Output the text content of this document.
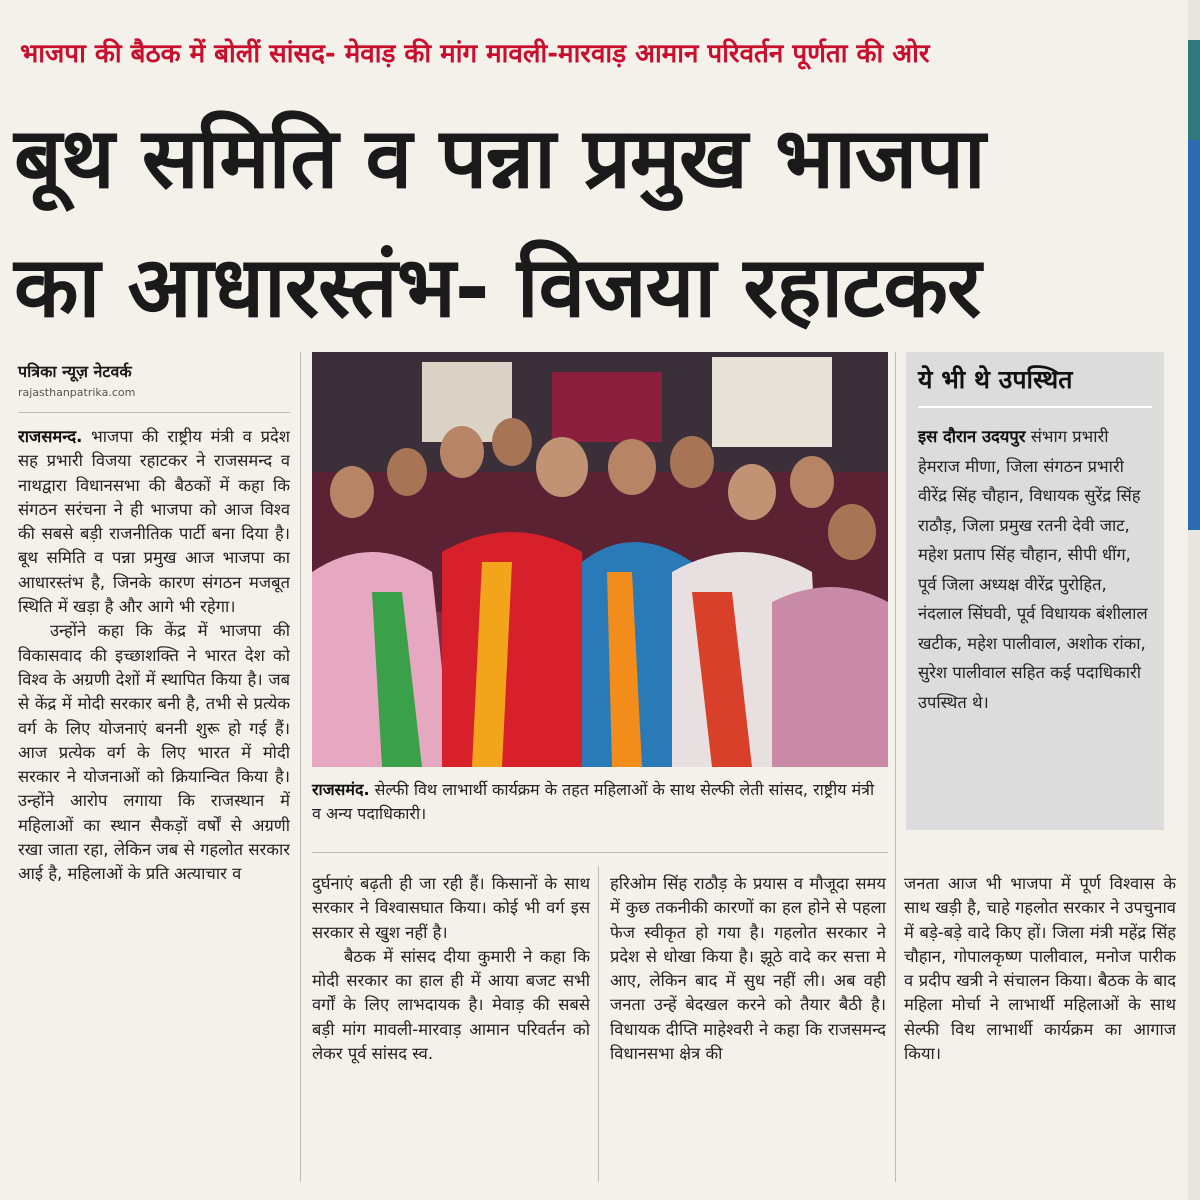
भाजपा की बैठक में बोलीं सांसद- मेवाड़ की मांग मावली-मारवाड़ आमान परिवर्तन पूर्णता की ओर
बूथ समिति व पन्ना प्रमुख भाजपा
का आधारस्तंभ- विजया रहाटकर
पत्रिका न्यूज़ नेटवर्क
rajasthanpatrika.com

राजसमन्द. भाजपा की राष्ट्रीय मंत्री व प्रदेश सह प्रभारी विजया रहाटकर ने राजसमन्द व नाथद्वारा विधानसभा की बैठकों में कहा कि संगठन सरंचना ने ही भाजपा को आज विश्व की सबसे बड़ी राजनीतिक पार्टी बना दिया है। बूथ समिति व पन्ना प्रमुख आज भाजपा का आधारस्तंभ है, जिनके कारण संगठन मजबूत स्थिति में खड़ा है और आगे भी रहेगा।

उन्होंने कहा कि केंद्र में भाजपा की विकासवाद की इच्छाशक्ति ने भारत देश को विश्व के अग्रणी देशों में स्थापित किया है। जब से केंद्र में मोदी सरकार बनी है, तभी से प्रत्येक वर्ग के लिए योजनाएं बननी शुरू हो गई हैं। आज प्रत्येक वर्ग के लिए भारत में मोदी सरकार ने योजनाओं को क्रियान्वित किया है। उन्होंने आरोप लगाया कि राजस्थान में महिलाओं का स्थान सैकड़ों वर्षों से अग्रणी रखा जाता रहा, लेकिन जब से गहलोत सरकार आई है, महिलाओं के प्रति अत्याचार व

राजसमंद. सेल्फी विथ लाभार्थी कार्यक्रम के तहत महिलाओं के साथ सेल्फी लेती सांसद, राष्ट्रीय मंत्री व अन्य पदाधिकारी।
ये भी थे उपस्थित
इस दौरान उदयपुर संभाग प्रभारी हेमराज मीणा, जिला संगठन प्रभारी वीरेंद्र सिंह चौहान, विधायक सुरेंद्र सिंह राठौड़, जिला प्रमुख रतनी देवी जाट, महेश प्रताप सिंह चौहान, सीपी धींग, पूर्व जिला अध्यक्ष वीरेंद्र पुरोहित, नंदलाल सिंघवी, पूर्व विधायक बंशीलाल खटीक, महेश पालीवाल, अशोक रांका, सुरेश पालीवाल सहित कई पदाधिकारी उपस्थित थे।

दुर्घनाएं बढ़ती ही जा रही हैं। किसानों के साथ सरकार ने विश्वासघात किया। कोई भी वर्ग इस सरकार से खुश नहीं है।

बैठक में सांसद दीया कुमारी ने कहा कि मोदी सरकार का हाल ही में आया बजट सभी वर्गों के लिए लाभदायक है। मेवाड़ की सबसे बड़ी मांग मावली-मारवाड़ आमान परिवर्तन को लेकर पूर्व सांसद स्व.

हरिओम सिंह राठौड़ के प्रयास व मौजूदा समय में कुछ तकनीकी कारणों का हल होने से पहला फेज स्वीकृत हो गया है। गहलोत सरकार ने प्रदेश से धोखा किया है। झूठे वादे कर सत्ता मे आए, लेकिन बाद में सुध नहीं ली। अब वही जनता उन्हें बेदखल करने को तैयार बैठी है। विधायक दीप्ति माहेश्वरी ने कहा कि राजसमन्द विधानसभा क्षेत्र की

जनता आज भी भाजपा में पूर्ण विश्वास के साथ खड़ी है, चाहे गहलोत सरकार ने उपचुनाव में बड़े-बड़े वादे किए हों। जिला मंत्री महेंद्र सिंह चौहान, गोपालकृष्ण पालीवाल, मनोज पारीक व प्रदीप खत्री ने संचालन किया। बैठक के बाद महिला मोर्चा ने लाभार्थी महिलाओं के साथ सेल्फी विथ लाभार्थी कार्यक्रम का आगाज किया।
